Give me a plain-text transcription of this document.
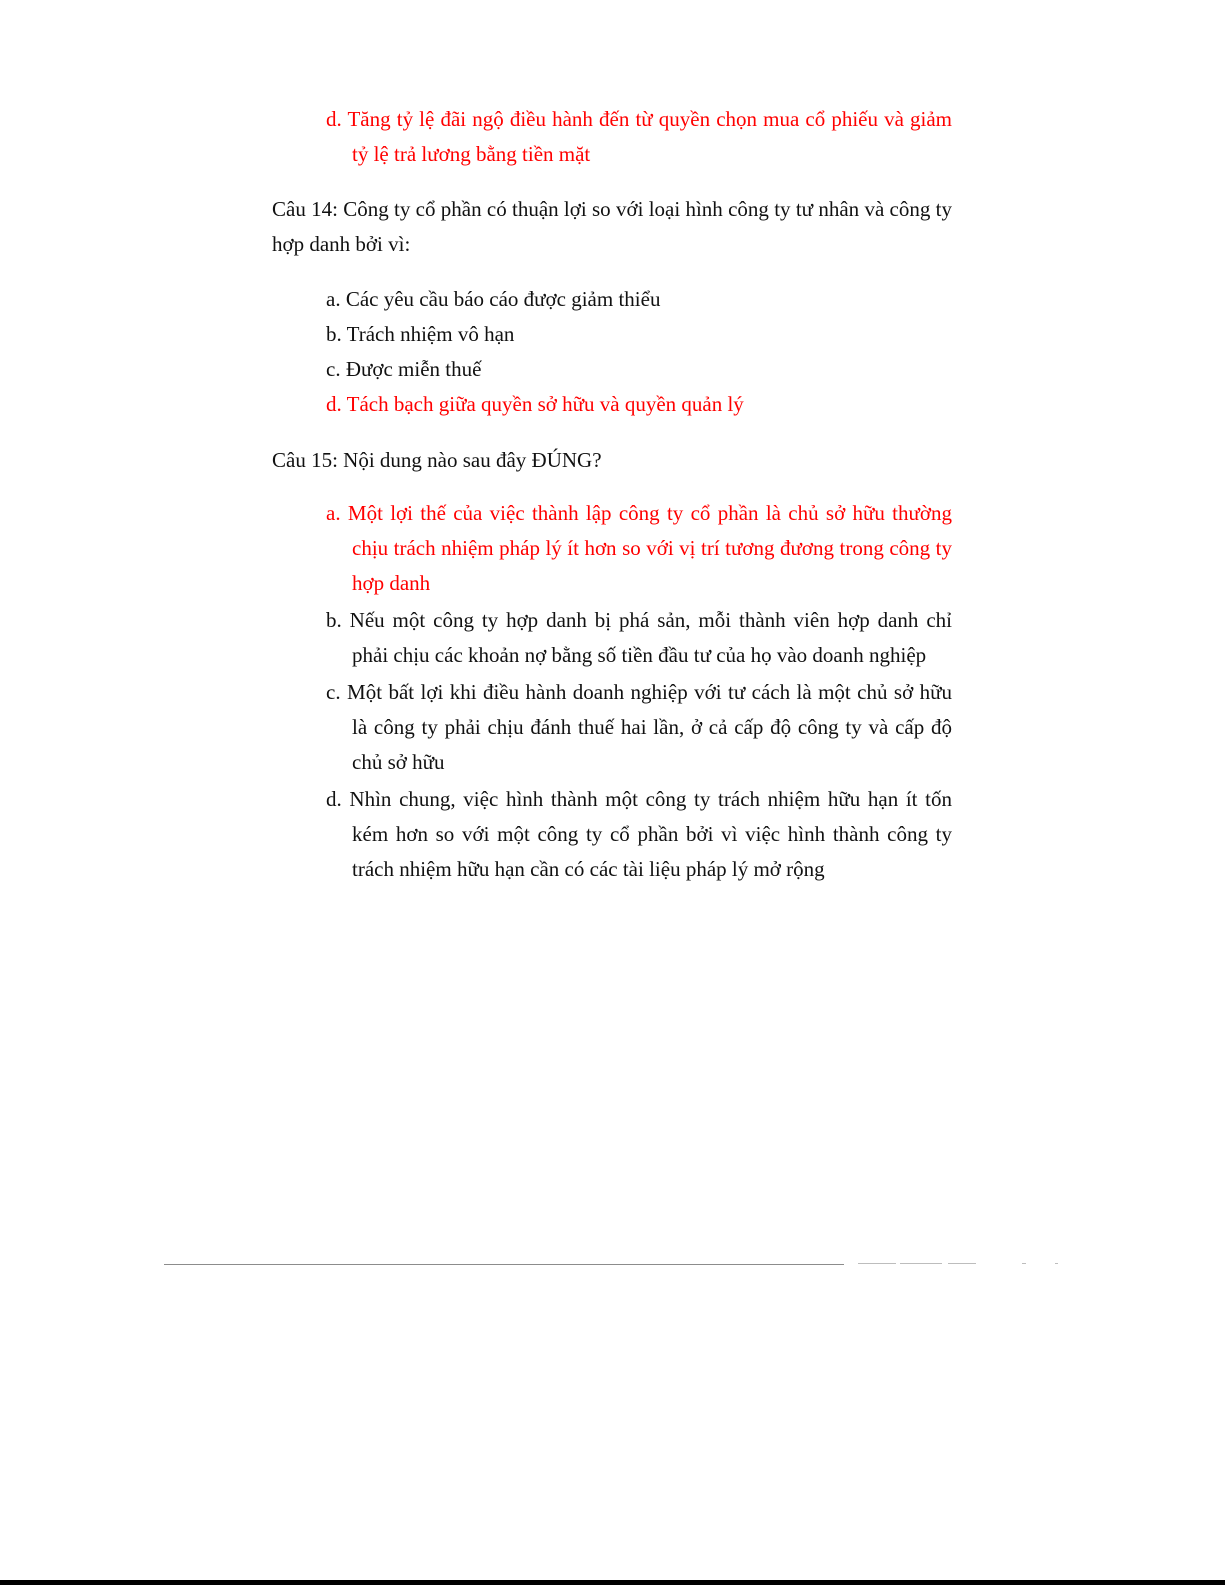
d. Tăng tỷ lệ đãi ngộ điều hành đến từ quyền chọn mua cổ phiếu và giảm tỷ lệ trả lương bằng tiền mặt

Câu 14: Công ty cổ phần có thuận lợi so với loại hình công ty tư nhân và công ty hợp danh bởi vì:

a. Các yêu cầu báo cáo được giảm thiểu

b. Trách nhiệm vô hạn

c. Được miễn thuế

d. Tách bạch giữa quyền sở hữu và quyền quản lý

Câu 15: Nội dung nào sau đây ĐÚNG?

a. Một lợi thế của việc thành lập công ty cổ phần là chủ sở hữu thường chịu trách nhiệm pháp lý ít hơn so với vị trí tương đương trong công ty hợp danh

b. Nếu một công ty hợp danh bị phá sản, mỗi thành viên hợp danh chỉ phải chịu các khoản nợ bằng số tiền đầu tư của họ vào doanh nghiệp

c. Một bất lợi khi điều hành doanh nghiệp với tư cách là một chủ sở hữu là công ty phải chịu đánh thuế hai lần, ở cả cấp độ công ty và cấp độ chủ sở hữu

d. Nhìn chung, việc hình thành một công ty trách nhiệm hữu hạn ít tốn kém hơn so với một công ty cổ phần bởi vì việc hình thành công ty trách nhiệm hữu hạn cần có các tài liệu pháp lý mở rộng
